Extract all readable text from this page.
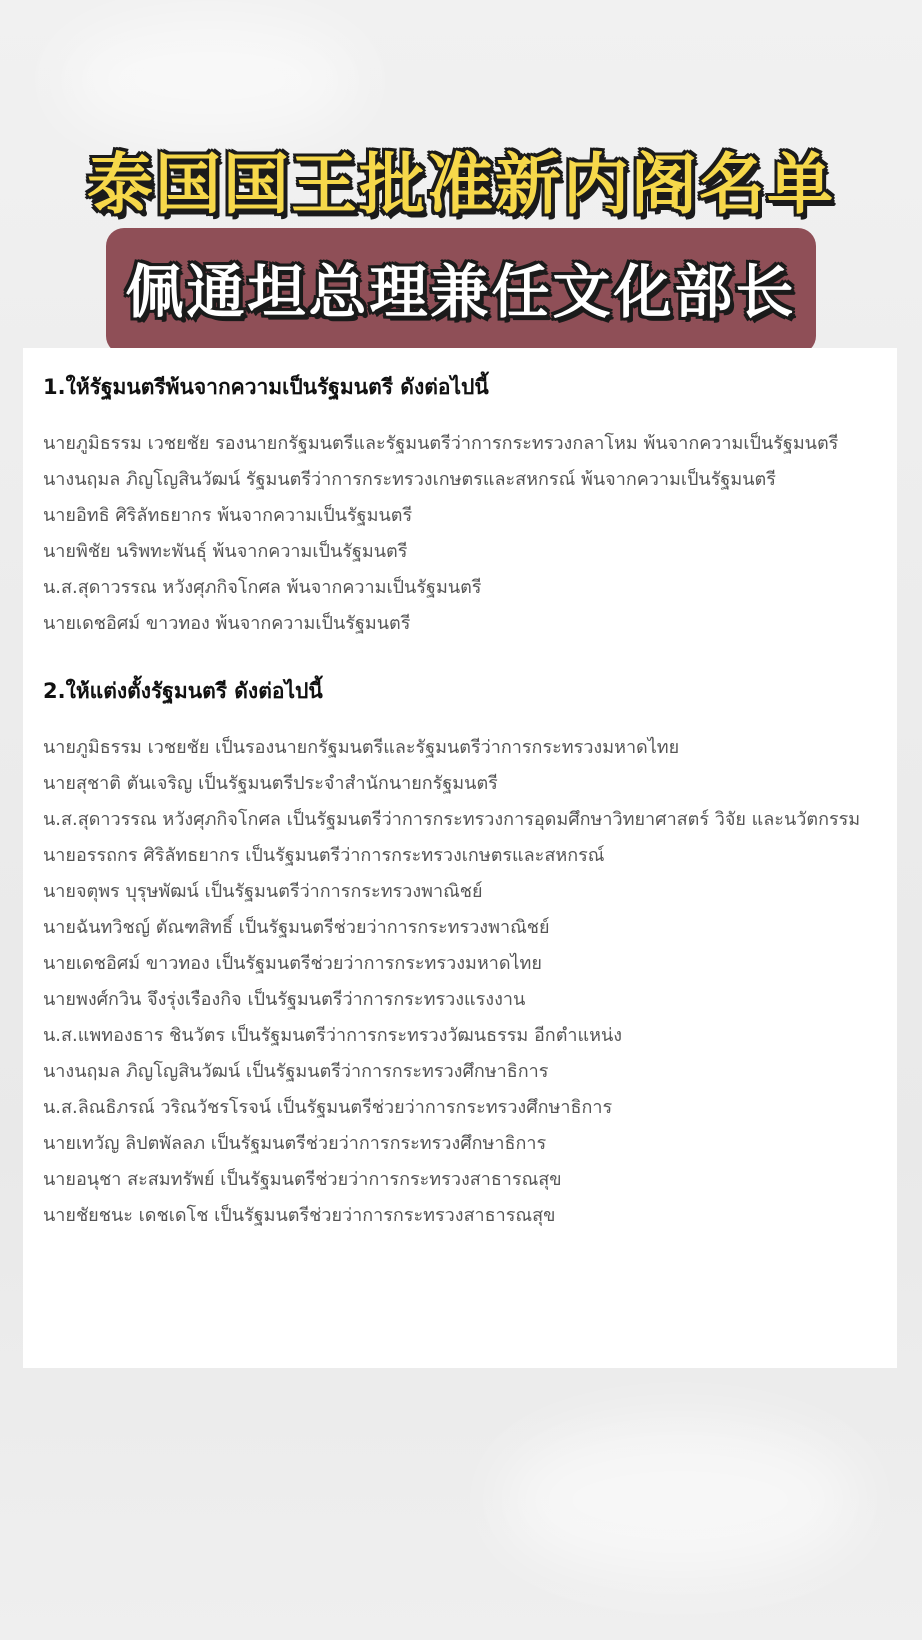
泰国国王批准新内阁名单
佩通坦总理兼任文化部长
1.ให้รัฐมนตรีพ้นจากความเป็นรัฐมนตรี ดังต่อไปนี้

นายภูมิธรรม เวชยชัย รองนายกรัฐมนตรีและรัฐมนตรีว่าการกระทรวงกลาโหม พ้นจากความเป็นรัฐมนตรี

นางนฤมล ภิญโญสินวัฒน์ รัฐมนตรีว่าการกระทรวงเกษตรและสหกรณ์ พ้นจากความเป็นรัฐมนตรี

นายอิทธิ ศิริลัทธยากร พ้นจากความเป็นรัฐมนตรี

นายพิชัย นริพทะพันธุ์ พ้นจากความเป็นรัฐมนตรี

น.ส.สุดาวรรณ หวังศุภกิจโกศล พ้นจากความเป็นรัฐมนตรี

นายเดชอิศม์ ขาวทอง พ้นจากความเป็นรัฐมนตรี

2.ให้แต่งตั้งรัฐมนตรี ดังต่อไปนี้

นายภูมิธรรม เวชยชัย เป็นรองนายกรัฐมนตรีและรัฐมนตรีว่าการกระทรวงมหาดไทย

นายสุชาติ ตันเจริญ เป็นรัฐมนตรีประจำสำนักนายกรัฐมนตรี

น.ส.สุดาวรรณ หวังศุภกิจโกศล เป็นรัฐมนตรีว่าการกระทรวงการอุดมศึกษาวิทยาศาสตร์ วิจัย และนวัตกรรม

นายอรรถกร ศิริลัทธยากร เป็นรัฐมนตรีว่าการกระทรวงเกษตรและสหกรณ์

นายจตุพร บุรุษพัฒน์ เป็นรัฐมนตรีว่าการกระทรวงพาณิชย์

นายฉันทวิชญ์ ตัณฑสิทธิ์ เป็นรัฐมนตรีช่วยว่าการกระทรวงพาณิชย์

นายเดชอิศม์ ขาวทอง เป็นรัฐมนตรีช่วยว่าการกระทรวงมหาดไทย

นายพงศ์กวิน จึงรุ่งเรืองกิจ เป็นรัฐมนตรีว่าการกระทรวงแรงงาน

น.ส.แพทองธาร ชินวัตร เป็นรัฐมนตรีว่าการกระทรวงวัฒนธรรม อีกตำแหน่ง

นางนฤมล ภิญโญสินวัฒน์ เป็นรัฐมนตรีว่าการกระทรวงศึกษาธิการ

น.ส.ลิณธิภรณ์ วริณวัชรโรจน์ เป็นรัฐมนตรีช่วยว่าการกระทรวงศึกษาธิการ

นายเทวัญ ลิปตพัลลภ เป็นรัฐมนตรีช่วยว่าการกระทรวงศึกษาธิการ

นายอนุชา สะสมทรัพย์ เป็นรัฐมนตรีช่วยว่าการกระทรวงสาธารณสุข

นายชัยชนะ เดชเดโช เป็นรัฐมนตรีช่วยว่าการกระทรวงสาธารณสุข
